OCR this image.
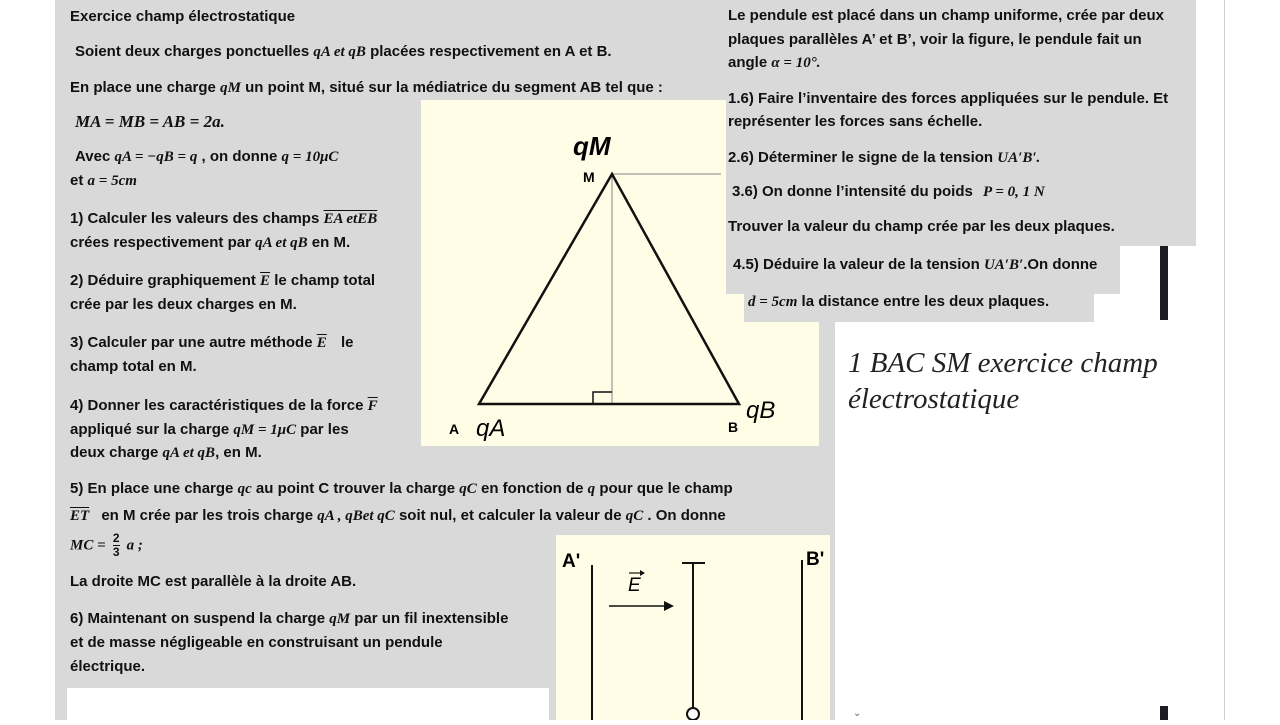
Exercice champ électrostatique
Soient deux charges ponctuelles qA et qB placées respectivement en A et B.
En place une charge qM un point M, situé sur la médiatrice du segment AB tel que :
MA = MB = AB = 2a.
Avec qA = −qB = q , on donne q = 10μC
et a = 5cm
1) Calculer les valeurs des champs EA etEB
crées respectivement par qA et qB en M.
2) Déduire graphiquement $\overline{E}$ le champ total
crée par les deux charges en M.
3) Calculer par une autre méthode $\overline{E}$ le
champ total en M.
4) Donner les caractéristiques de la force $\overline{F}$
appliqué sur la charge qM = 1μC par les
deux charge qA et qB, en M.
5) En place une charge qc au point C trouver la charge qC en fonction de q pour que le champ
$\overline{ET}$ en M crée par les trois charge qA , qBet qC soit nul, et calculer la valeur de qC . On donne
MC = $\frac{2}{3}$ a ;
La droite MC est parallèle à la droite AB.
6) Maintenant on suspend la charge qM par un fil inextensible
et de masse négligeable en construisant un pendule
électrique.
qM
M
A qA	B
qB
E
A'	B'
Le pendule est placé dans un champ uniforme, crée par deux
plaques parallèles A’ et B’, voir la figure, le pendule fait un
angle α = 10°.
1.6) Faire l’inventaire des forces appliquées sur le pendule. Et
représenter les forces sans échelle.
2.6) Déterminer le signe de la tension UA′B′.
3.6) On donne l’intensité du poids P = 0, 1 N
Trouver la valeur du champ crée par les deux plaques.
4.5) Déduire la valeur de la tension UA′B′.On donne
d = 5cm la distance entre les deux plaques.
1 BAC SM exercice champ électrostatique
⌄
